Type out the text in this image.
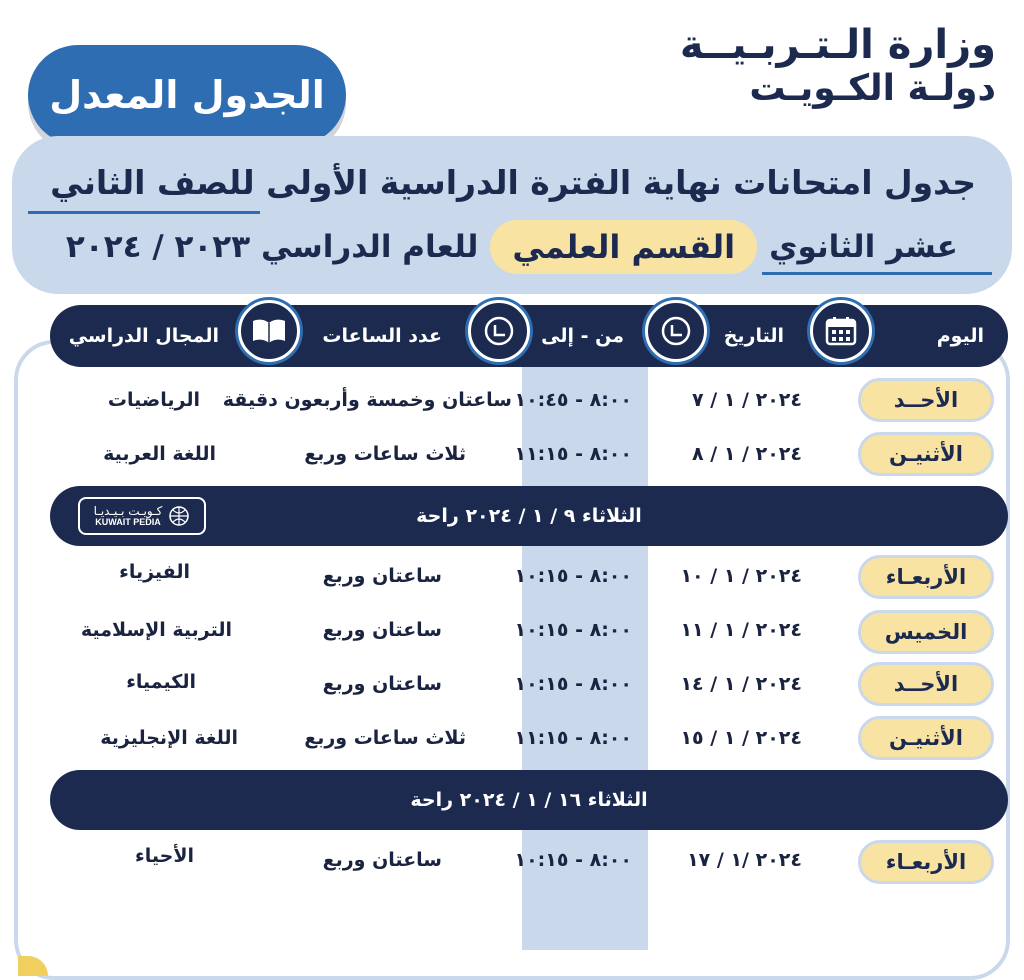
وزارة الـتـربـيــة
دولـة الكـويـت
الجدول المعدل
جدول امتحانات نهاية الفترة الدراسية الأولى للصف الثاني
عشر الثانوي
القسم العلمي
للعام الدراسي ٢٠٢٣ / ٢٠٢٤
اليوم
التاريخ
من - إلى
عدد الساعات
المجال الدراسي
الأحــد
٢٠٢٤ / ١ / ٧
٨:٠٠ - ١٠:٤٥
ساعتان وخمسة وأربعون دقيقة
الرياضيات
الأثنيـن
٢٠٢٤ / ١ / ٨
٨:٠٠ - ١١:١٥
ثلاث ساعات وربع
اللغة العربية
الثلاثاء ٩ / ١ / ٢٠٢٤ راحة
كـويـت بـيـديـا
KUWAIT PEDIA
الأربعـاء
٢٠٢٤ / ١ / ١٠
٨:٠٠ - ١٠:١٥
ساعتان وربع
الفيزياء
الخميس
٢٠٢٤ / ١ / ١١
٨:٠٠ - ١٠:١٥
ساعتان وربع
التربية الإسلامية
الأحــد
٢٠٢٤ / ١ / ١٤
٨:٠٠ - ١٠:١٥
ساعتان وربع
الكيمياء
الأثنيـن
٢٠٢٤ / ١ / ١٥
٨:٠٠ - ١١:١٥
ثلاث ساعات وربع
اللغة الإنجليزية
الثلاثاء ١٦ / ١ / ٢٠٢٤ راحة
الأربعـاء
٢٠٢٤ /١ / ١٧
٨:٠٠ - ١٠:١٥
ساعتان وربع
الأحياء
